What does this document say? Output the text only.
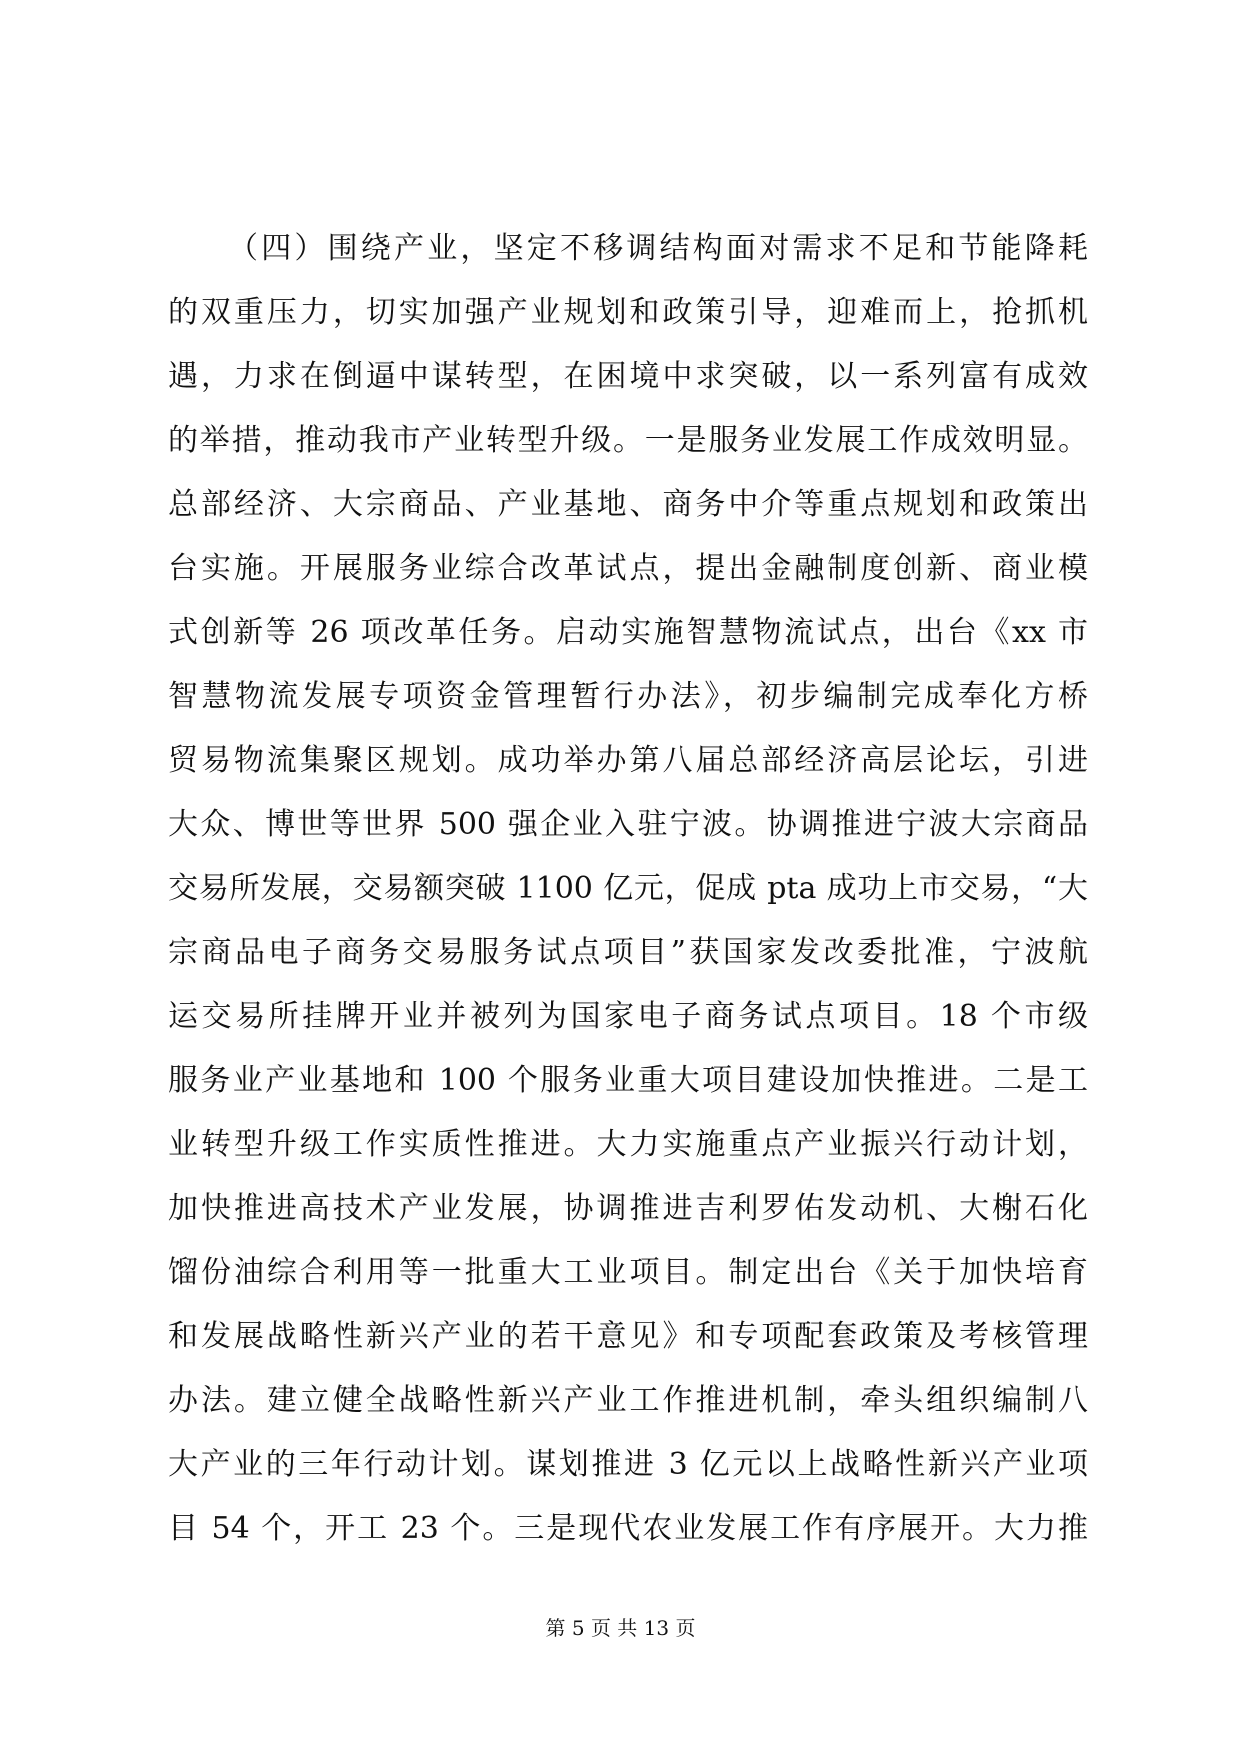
（四）围绕产业，坚定不移调结构面对需求不足和节能降耗
的双重压力，切实加强产业规划和政策引导，迎难而上，抢抓机
遇，力求在倒逼中谋转型，在困境中求突破，以一系列富有成效
的举措，推动我市产业转型升级。一是服务业发展工作成效明显。
总部经济、大宗商品、产业基地、商务中介等重点规划和政策出
台实施。开展服务业综合改革试点，提出金融制度创新、商业模
式创新等 26 项改革任务。启动实施智慧物流试点，出台《xx 市
智慧物流发展专项资金管理暂行办法》，初步编制完成奉化方桥
贸易物流集聚区规划。成功举办第八届总部经济高层论坛，引进
大众、博世等世界 500 强企业入驻宁波。协调推进宁波大宗商品
交易所发展，交易额突破 1100 亿元，促成 pta 成功上市交易，“大
宗商品电子商务交易服务试点项目”获国家发改委批准，宁波航
运交易所挂牌开业并被列为国家电子商务试点项目。18 个市级
服务业产业基地和 100 个服务业重大项目建设加快推进。二是工
业转型升级工作实质性推进。大力实施重点产业振兴行动计划，
加快推进高技术产业发展，协调推进吉利罗佑发动机、大榭石化
馏份油综合利用等一批重大工业项目。制定出台《关于加快培育
和发展战略性新兴产业的若干意见》和专项配套政策及考核管理
办法。建立健全战略性新兴产业工作推进机制，牵头组织编制八
大产业的三年行动计划。谋划推进 3 亿元以上战略性新兴产业项
目 54 个，开工 23 个。三是现代农业发展工作有序展开。大力推
第 5 页 共 13 页
